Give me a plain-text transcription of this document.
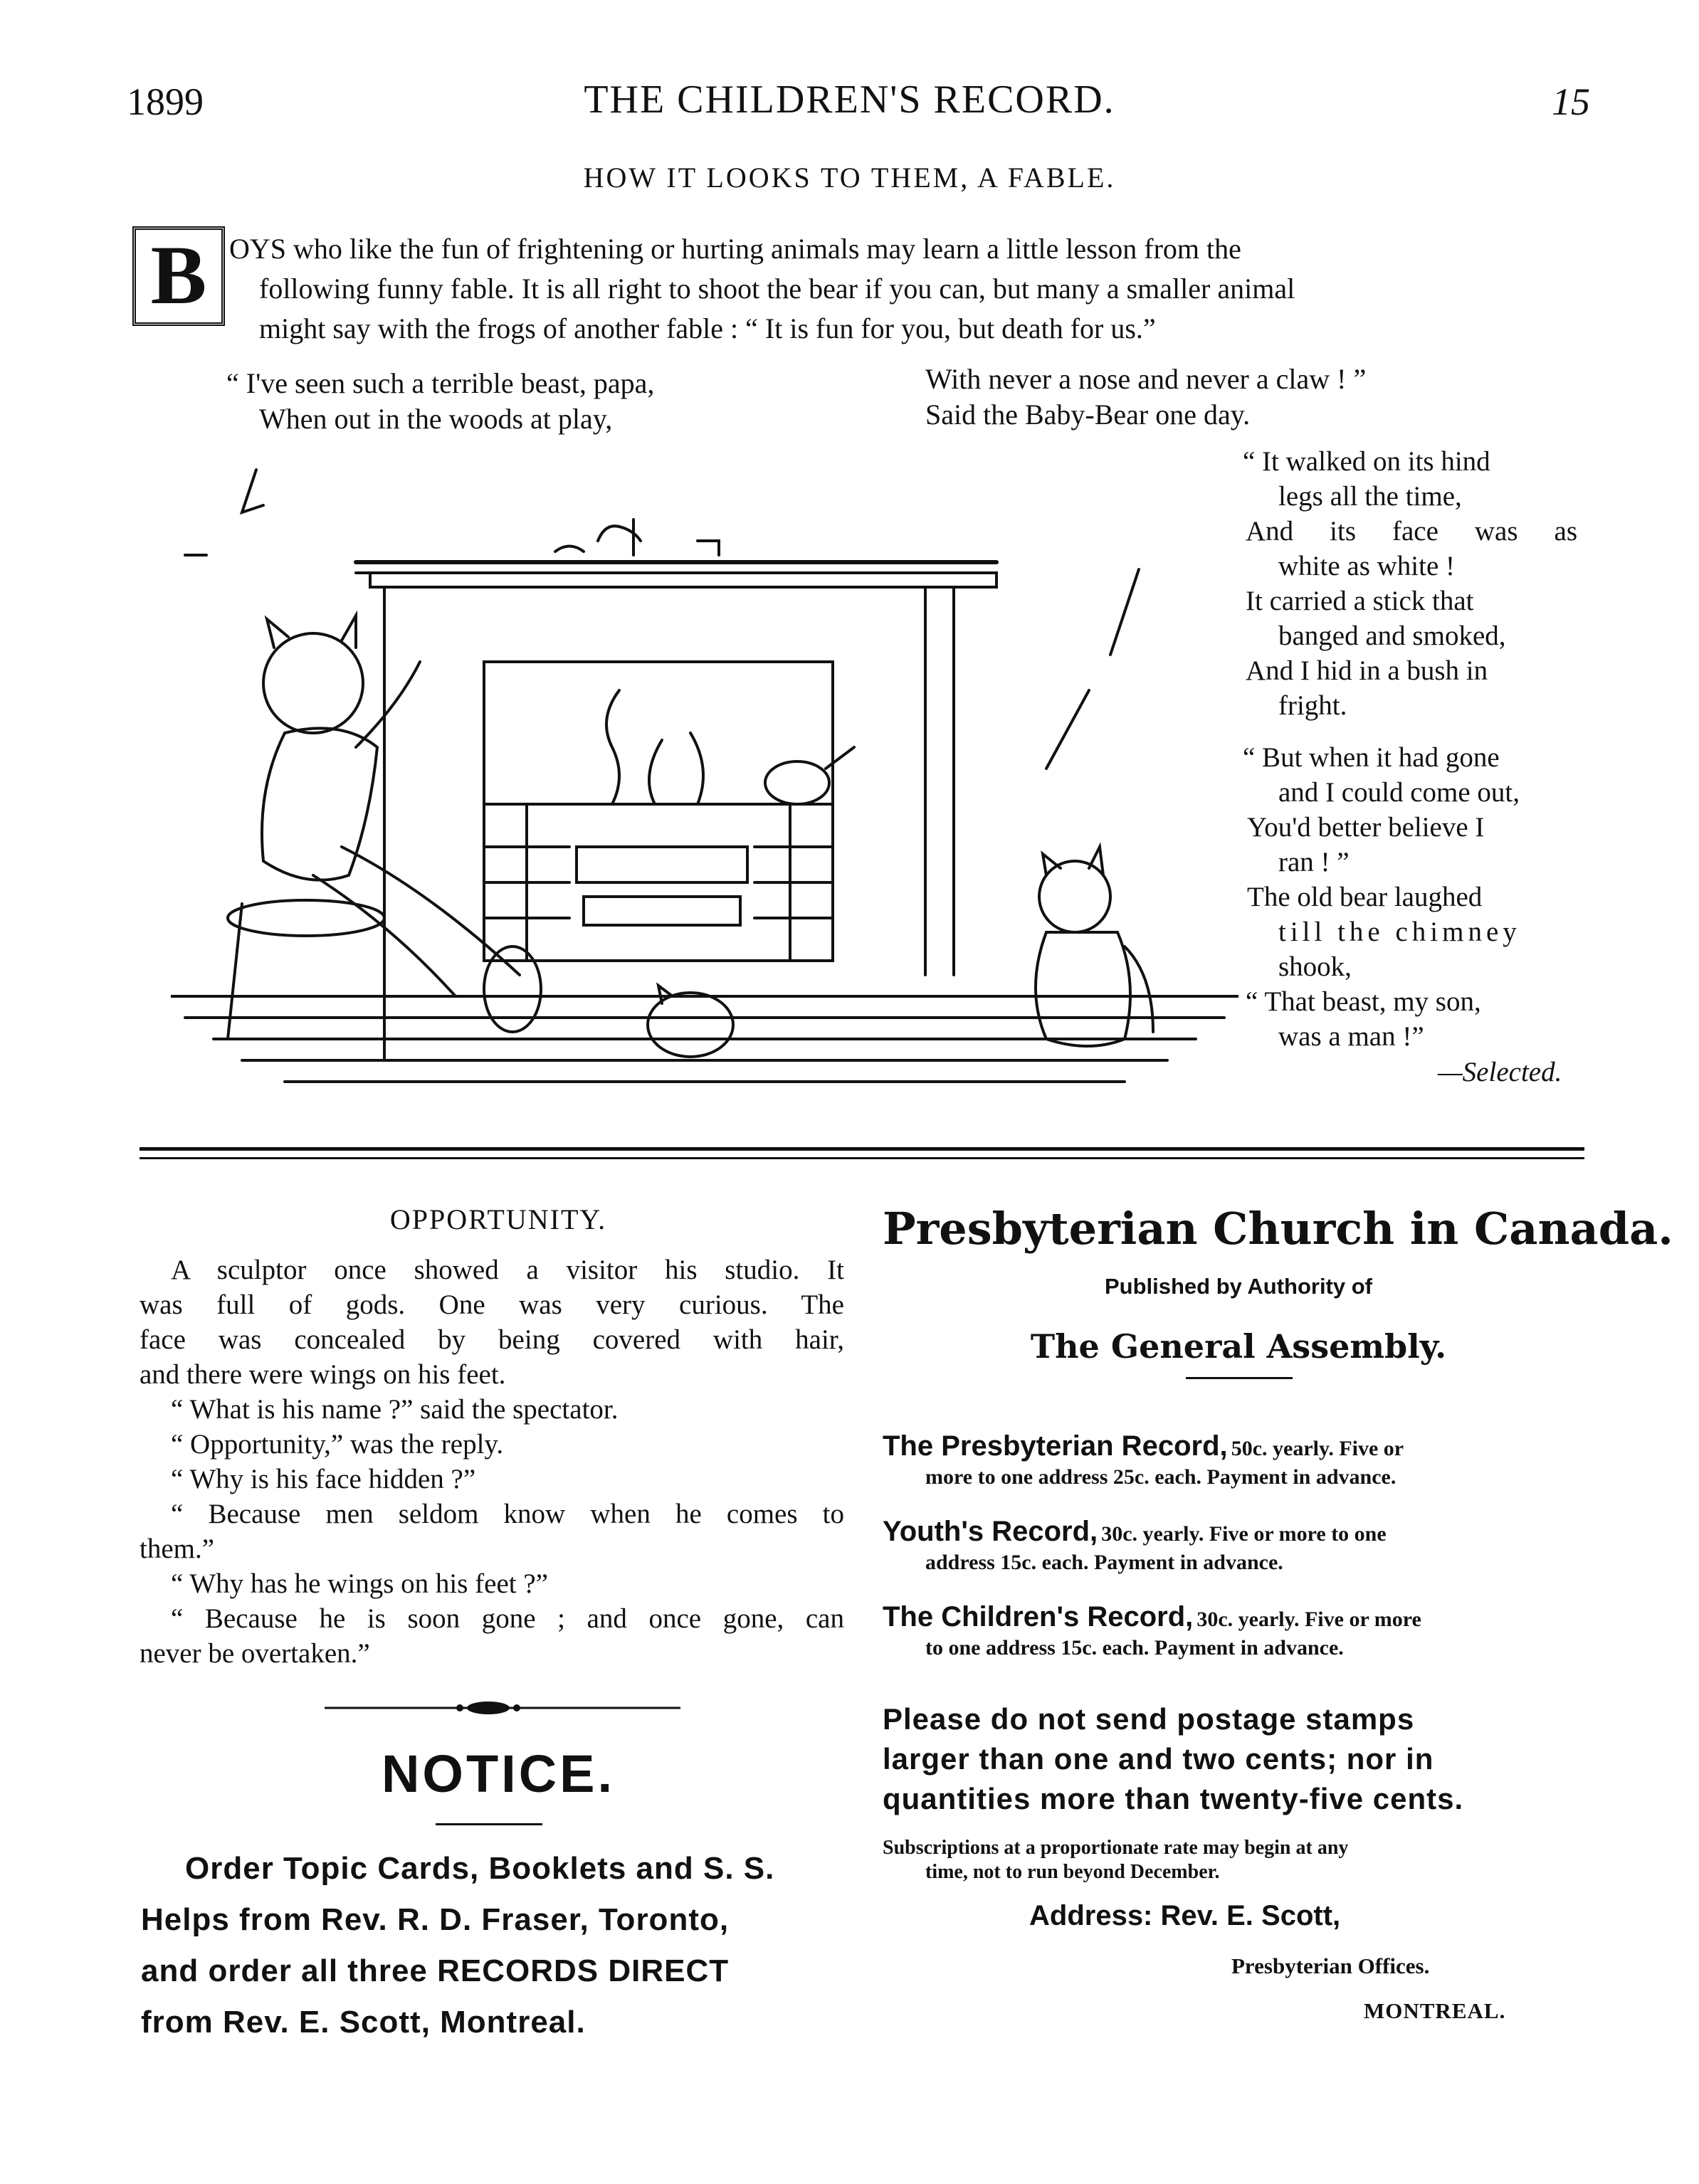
1899	THE CHILDREN'S RECORD.	15
HOW IT LOOKS TO THEM, A FABLE.
B OYS who like the fun of frightening or hurting animals may learn a little lesson from the
following funny fable. It is all right to shoot the bear if you can, but many a smaller animal
might say with the frogs of another fable : “ It is fun for you, but death for us.”
“ I've seen such a terrible beast, papa,
When out in the woods at play,
With never a nose and never a claw ! ”
Said the Baby-Bear one day.
“ It walked on its hind
legs all the time,
And its face was as
white as white !
It carried a stick that
banged and smoked,
And I hid in a bush in
fright.
“ But when it had gone
and I could come out,
You'd better believe I
ran ! ”
The old bear laughed
till the chimney
shook,
“ That beast, my son,
was a man !”
—Selected.
OPPORTUNITY.
A sculptor once showed a visitor his studio. It
was full of gods. One was very curious. The
face was concealed by being covered with hair,
and there were wings on his feet.
“ What is his name ?” said the spectator.
“ Opportunity,” was the reply.
“ Why is his face hidden ?”
“ Because men seldom know when he comes to
them.”
“ Why has he wings on his feet ?”
“ Because he is soon gone ; and once gone, can
never be overtaken.”
NOTICE.
Order Topic Cards, Booklets and S. S.
Helps from Rev. R. D. Fraser, Toronto,
and order all three RECORDS DIRECT
from Rev. E. Scott, Montreal.
Presbyterian Church in Canada.
Published by Authority of
The General Assembly.
The Presbyterian Record, 50c. yearly. Five or
more to one address 25c. each. Payment in advance.
Youth's Record, 30c. yearly. Five or more to one
address 15c. each. Payment in advance.
The Children's Record, 30c. yearly. Five or more
to one address 15c. each. Payment in advance.
Please do not send postage stamps
larger than one and two cents; nor in
quantities more than twenty-five cents.
Subscriptions at a proportionate rate may begin at any
time, not to run beyond December.
Address: Rev. E. Scott,
Presbyterian Offices.
MONTREAL.
